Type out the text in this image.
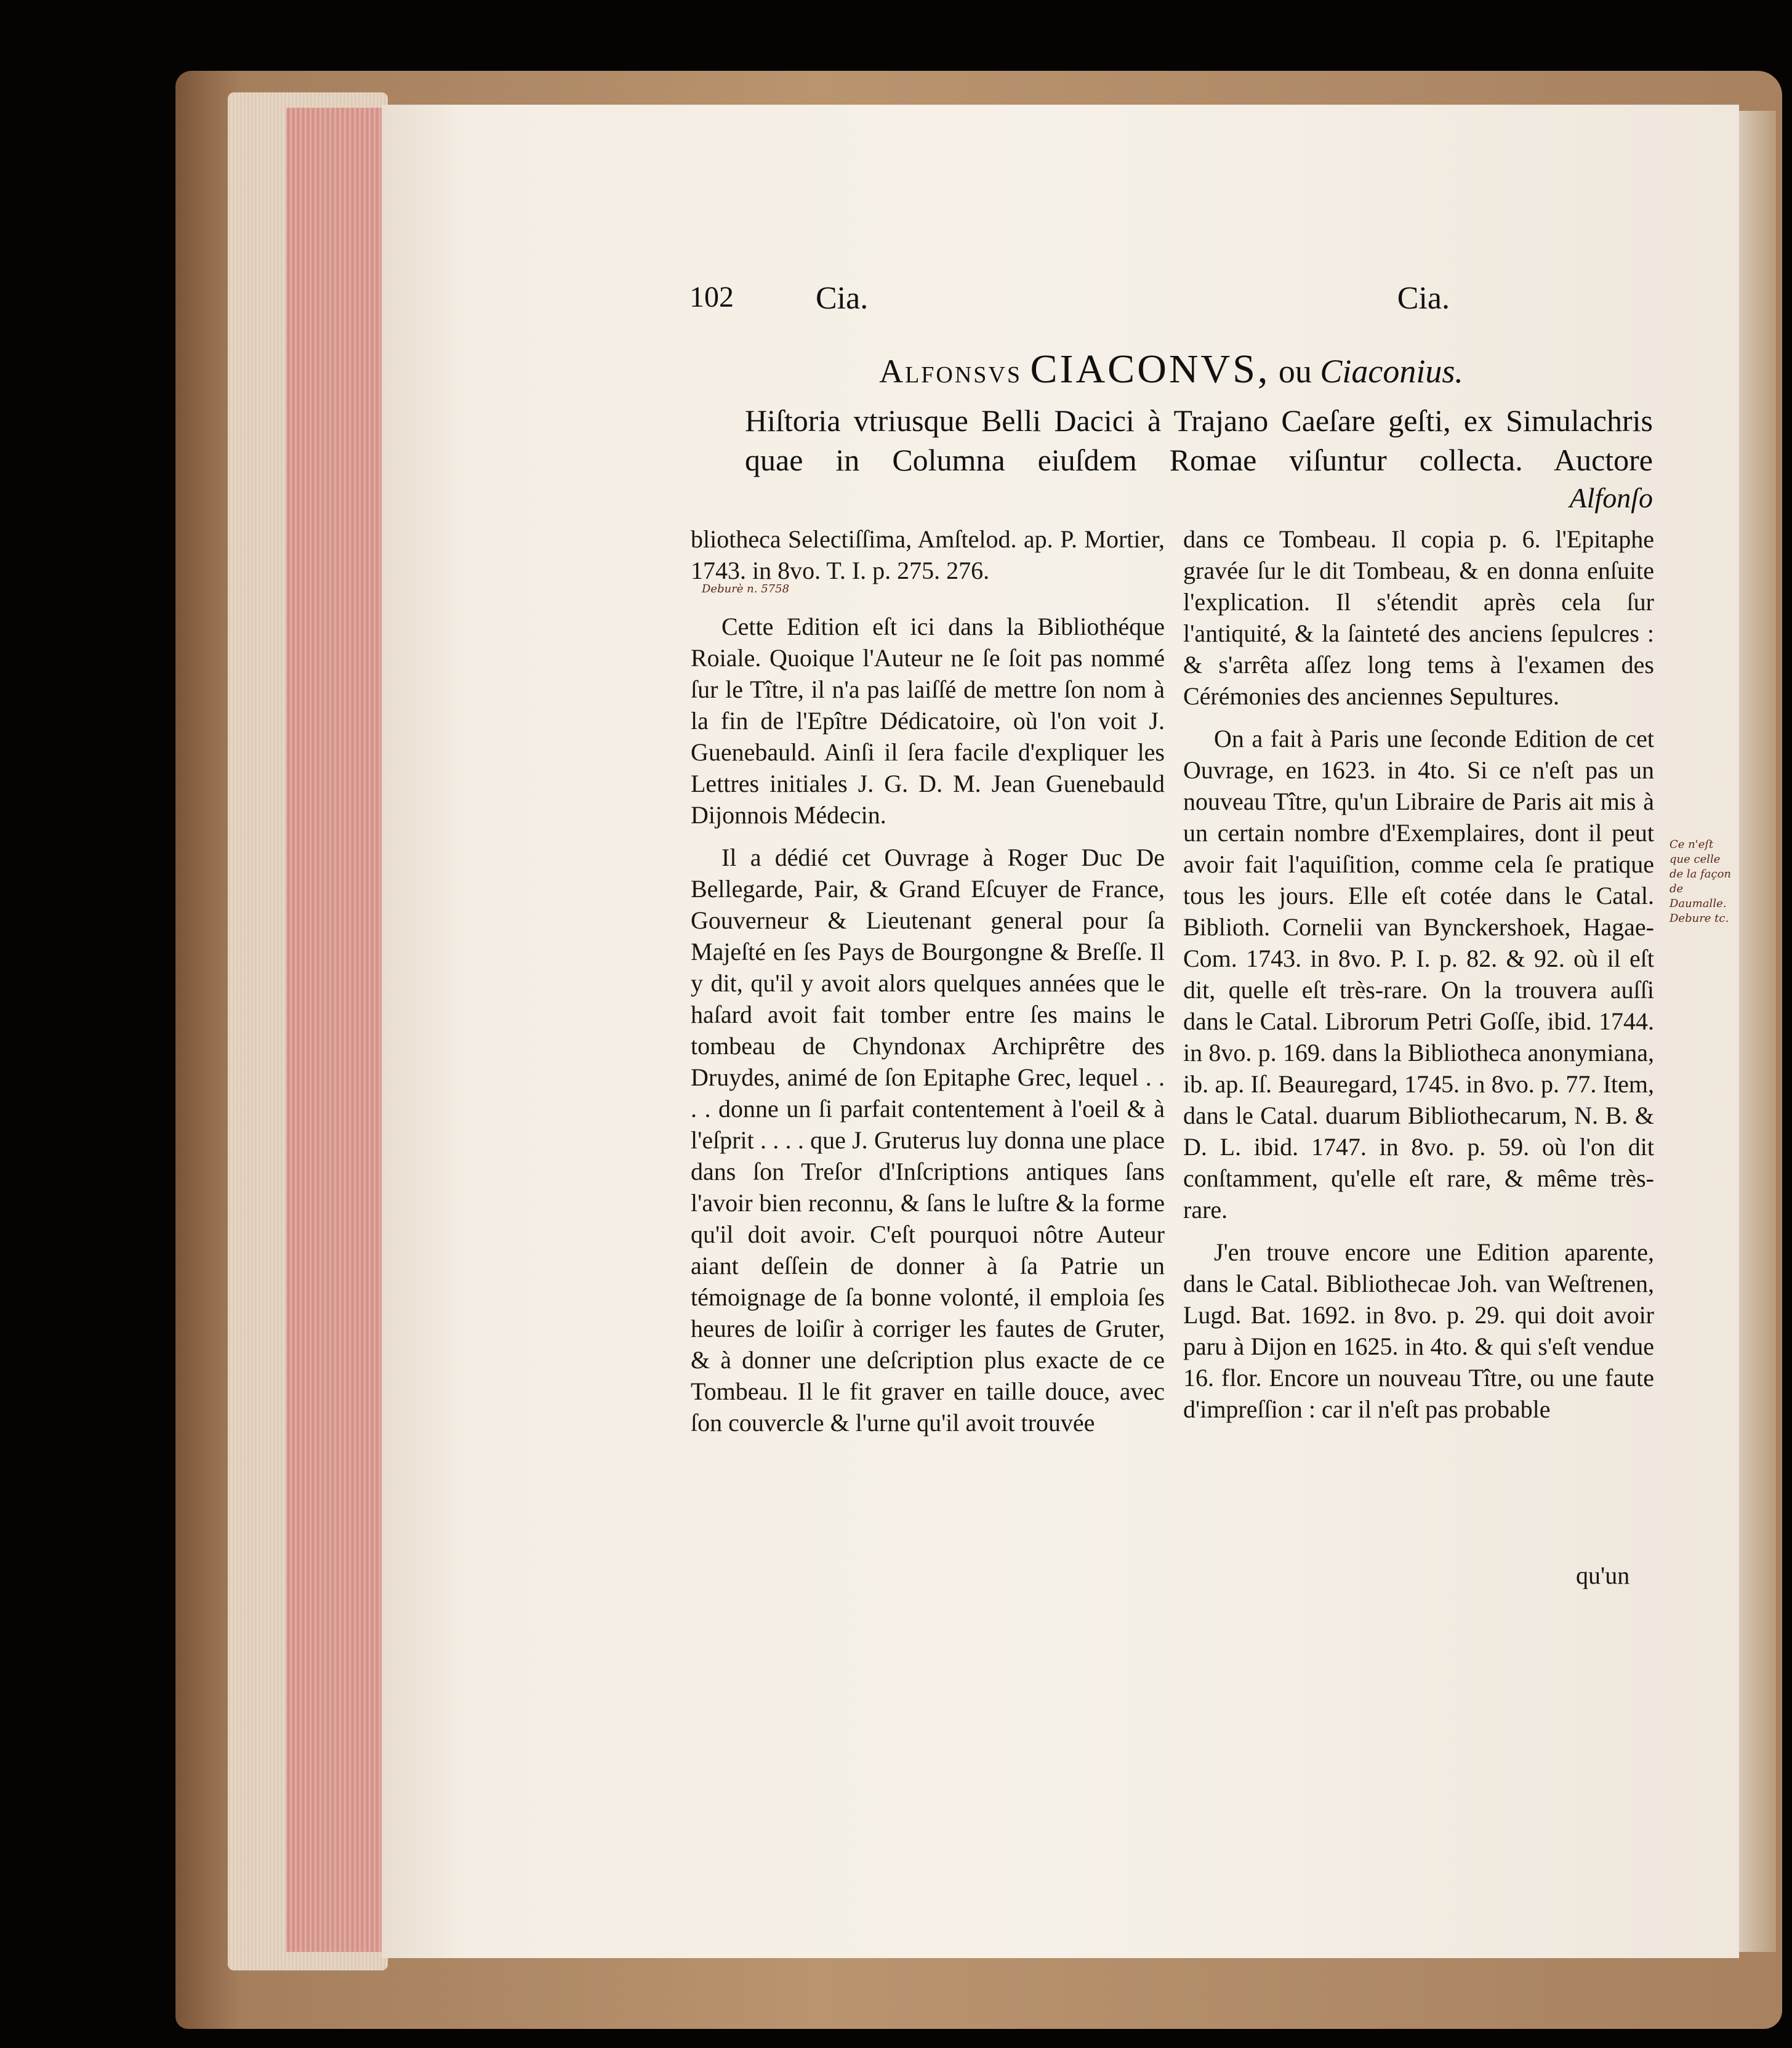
102	Cia.	Cia.
Alfonsvs CIACONVS, ou Ciaconius.
Hiſtoria vtriusque Belli Dacici à Trajano Caeſare geſti, ex Simulachris quae in Columna eiuſdem Romae viſuntur collecta. Auctore
Alfonſo

bliotheca Selectiſſima, Amſtelod. ap. P. Mortier, 1743. in 8vo. T. I. p. 275. 276.

Cette Edition eſt ici dans la Bibliothéque Roiale. Quoique l'Auteur ne ſe ſoit pas nommé ſur le Tître, il n'a pas laiſſé de mettre ſon nom à la fin de l'Epître Dédicatoire, où l'on voit J. Guenebauld. Ainſi il ſera facile d'expliquer les Lettres initiales J. G. D. M. Jean Guenebauld Dijonnois Médecin.

Il a dédié cet Ouvrage à Roger Duc De Bellegarde, Pair, & Grand Eſcuyer de France, Gouverneur & Lieutenant general pour ſa Majeſté en ſes Pays de Bourgongne & Breſſe. Il y dit, qu'il y avoit alors quelques années que le haſard avoit fait tomber entre ſes mains le tombeau de Chyndonax Archiprêtre des Druydes, animé de ſon Epitaphe Grec, lequel . . . . donne un ſi parfait contentement à l'oeil & à l'eſprit . . . . que J. Gruterus luy donna une place dans ſon Treſor d'Inſcriptions antiques ſans l'avoir bien reconnu, & ſans le luſtre & la forme qu'il doit avoir. C'eſt pourquoi nôtre Auteur aiant deſſein de donner à ſa Patrie un témoignage de ſa bonne volonté, il emploia ſes heures de loiſir à corriger les fautes de Gruter, & à donner une deſcription plus exacte de ce Tombeau. Il le fit graver en taille douce, avec ſon couvercle & l'urne qu'il avoit trouvée

dans ce Tombeau. Il copia p. 6. l'Epitaphe gravée ſur le dit Tombeau, & en donna enſuite l'explication. Il s'étendit après cela ſur l'antiquité, & la ſainteté des anciens ſepulcres : & s'arrêta aſſez long tems à l'examen des Cérémonies des anciennes Sepultures.

On a fait à Paris une ſeconde Edition de cet Ouvrage, en 1623. in 4to. Si ce n'eſt pas un nouveau Tître, qu'un Libraire de Paris ait mis à un certain nombre d'Exemplaires, dont il peut avoir fait l'aquiſition, comme cela ſe pratique tous les jours. Elle eſt cotée dans le Catal. Biblioth. Cornelii van Bynckershoek, Hagae-Com. 1743. in 8vo. P. I. p. 82. & 92. où il eſt dit, quelle eſt très-rare. On la trouvera auſſi dans le Catal. Librorum Petri Goſſe, ibid. 1744. in 8vo. p. 169. dans la Bibliotheca anonymiana, ib. ap. Iſ. Beauregard, 1745. in 8vo. p. 77. Item, dans le Catal. duarum Bibliothecarum, N. B. & D. L. ibid. 1747. in 8vo. p. 59. où l'on dit conſtamment, qu'elle eſt rare, & même très-rare.

J'en trouve encore une Edition aparente, dans le Catal. Bibliothecae Joh. van Weſtrenen, Lugd. Bat. 1692. in 8vo. p. 29. qui doit avoir paru à Dijon en 1625. in 4to. & qui s'eſt vendue 16. flor. Encore un nouveau Tître, ou une faute d'impreſſion : car il n'eſt pas probable

qu'un
Deburè n. 5758
Ce n'eſt que celle de la façon de Daumalle. Debure tc.
